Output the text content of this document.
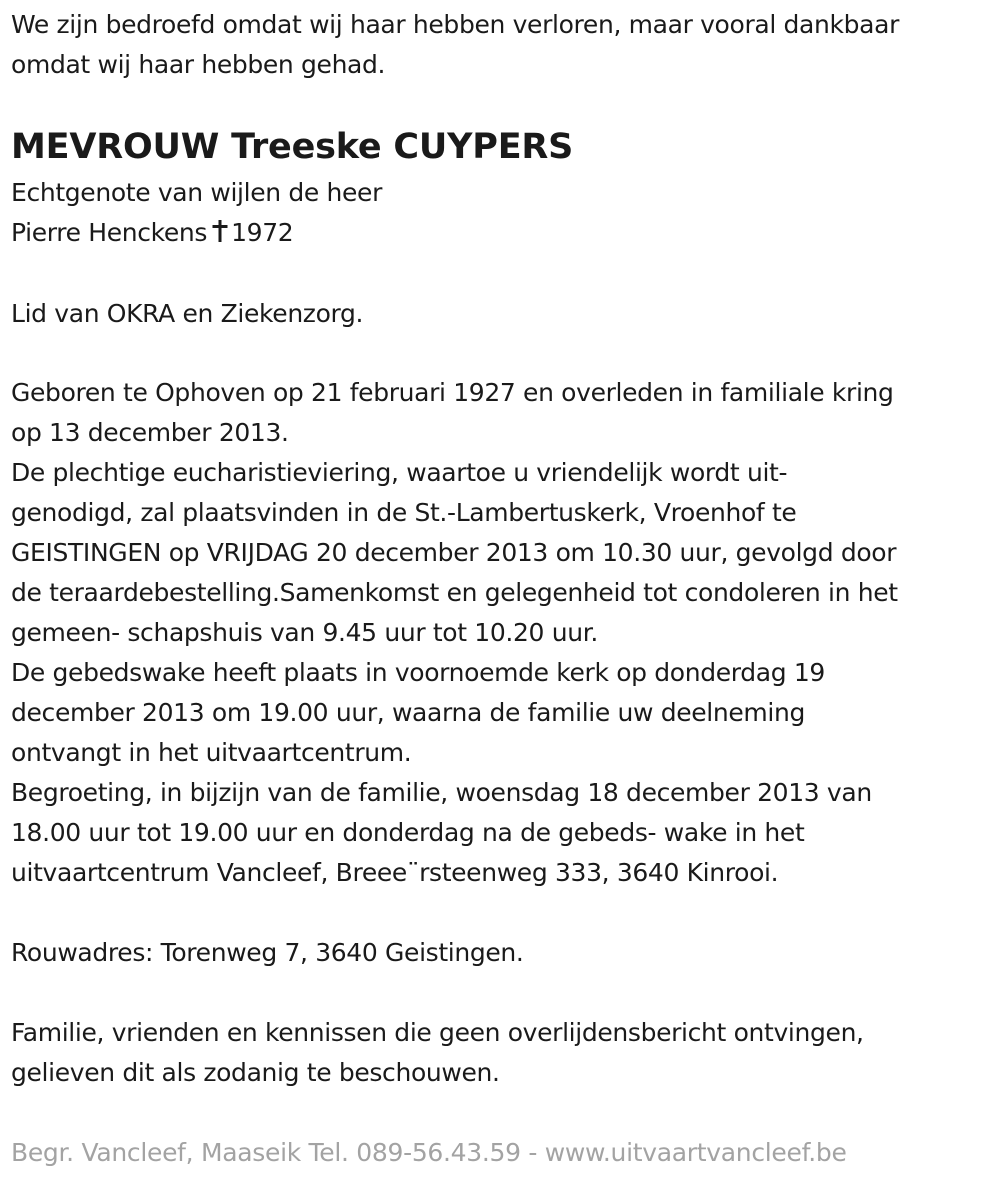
We zijn bedroefd omdat wij haar hebben verloren, maar vooral dankbaar
omdat wij haar hebben gehad.
MEVROUW Treeske CUYPERS
Echtgenote van wijlen de heer
Pierre Henckens 1972
Lid van OKRA en Ziekenzorg.
Geboren te Ophoven op 21 februari 1927 en overleden in familiale kring
op 13 december 2013.
De plechtige eucharistieviering, waartoe u vriendelijk wordt uit-
genodigd, zal plaatsvinden in de St.-Lambertuskerk, Vroenhof te
GEISTINGEN op VRIJDAG 20 december 2013 om 10.30 uur, gevolgd door
de teraardebestelling.Samenkomst en gelegenheid tot condoleren in het
gemeen- schapshuis van 9.45 uur tot 10.20 uur.
De gebedswake heeft plaats in voornoemde kerk op donderdag 19
december 2013 om 19.00 uur, waarna de familie uw deelneming
ontvangt in het uitvaartcentrum.
Begroeting, in bijzijn van de familie, woensdag 18 december 2013 van
18.00 uur tot 19.00 uur en donderdag na de gebeds- wake in het
uitvaartcentrum Vancleef, Breee¨rsteenweg 333, 3640 Kinrooi.
Rouwadres: Torenweg 7, 3640 Geistingen.
Familie, vrienden en kennissen die geen overlijdensbericht ontvingen,
gelieven dit als zodanig te beschouwen.
Begr. Vancleef, Maaseik Tel. 089-56.43.59 - www.uitvaartvancleef.be
